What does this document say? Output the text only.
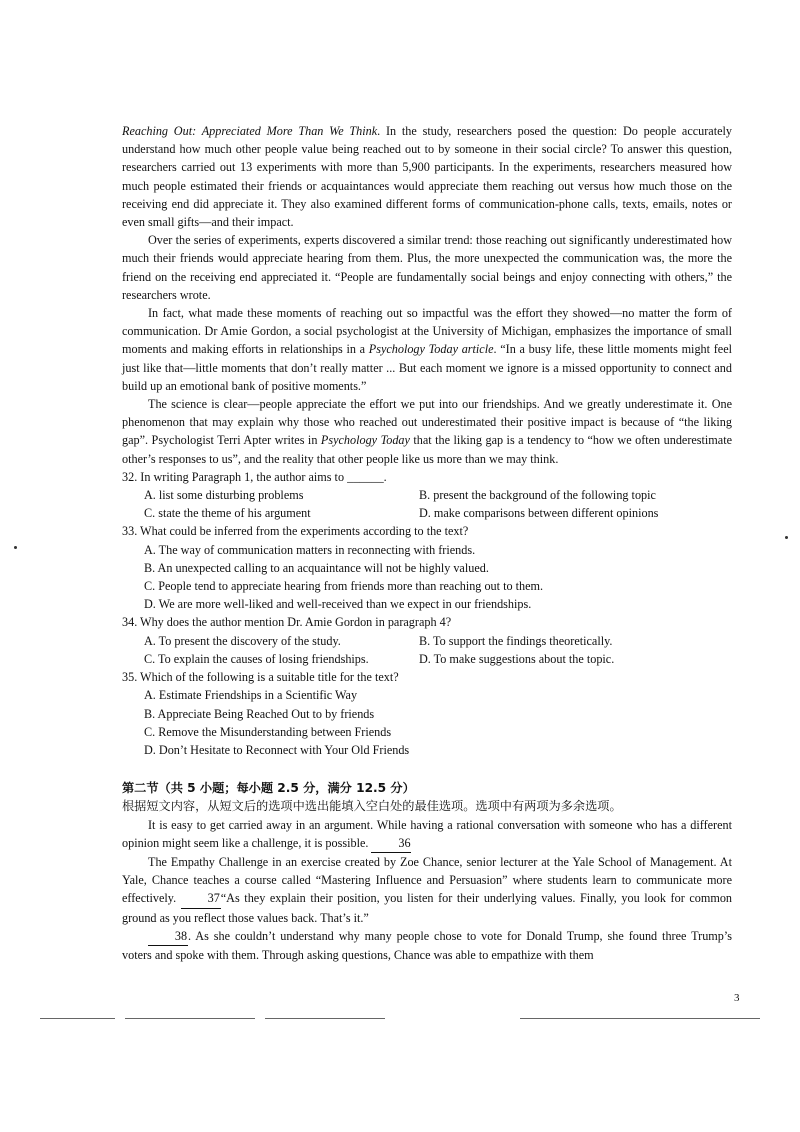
Reaching Out: Appreciated More Than We Think. In the study, researchers posed the question: Do people accurately understand how much other people value being reached out to by someone in their social circle? To answer this question, researchers carried out 13 experiments with more than 5,900 participants. In the experiments, researchers measured how much people estimated their friends or acquaintances would appreciate them reaching out versus how much those on the receiving end did appreciate it. They also examined different forms of communication-phone calls, texts, emails, notes or even small gifts—and their impact.

Over the series of experiments, experts discovered a similar trend: those reaching out significantly underestimated how much their friends would appreciate hearing from them. Plus, the more unexpected the communication was, the more the friend on the receiving end appreciated it. “People are fundamentally social beings and enjoy connecting with others,” the researchers wrote.

In fact, what made these moments of reaching out so impactful was the effort they showed—no matter the form of communication. Dr Amie Gordon, a social psychologist at the University of Michigan, emphasizes the importance of small moments and making efforts in relationships in a Psychology Today article. “In a busy life, these little moments might feel just like that—little moments that don’t really matter ... But each moment we ignore is a missed opportunity to connect and build up an emotional bank of positive moments.”

The science is clear—people appreciate the effort we put into our friendships. And we greatly underestimate it. One phenomenon that may explain why those who reached out underestimated their positive impact is because of “the liking gap”. Psychologist Terri Apter writes in Psychology Today that the liking gap is a tendency to “how we often underestimate other’s responses to us”, and the reality that other people like us more than we may think.

32. In writing Paragraph 1, the author aims to ______.

A. list some disturbing problems	B. present the background of the following topic
C. state the theme of his argument	D. make comparisons between different opinions

33. What could be inferred from the experiments according to the text?

A. The way of communication matters in reconnecting with friends.
B. An unexpected calling to an acquaintance will not be highly valued.
C. People tend to appreciate hearing from friends more than reaching out to them.
D. We are more well-liked and well-received than we expect in our friendships.

34. Why does the author mention Dr. Amie Gordon in paragraph 4?

A. To present the discovery of the study.	B. To support the findings theoretically.
C. To explain the causes of losing friendships.	D. To make suggestions about the topic.

35. Which of the following is a suitable title for the text?

A. Estimate Friendships in a Scientific Way
B. Appreciate Being Reached Out to by friends
C. Remove the Misunderstanding between Friends
D. Don’t Hesitate to Reconnect with Your Old Friends
第二节（共 5 小题；每小题 2.5 分，满分 12.5 分）
根据短文内容，从短文后的选项中选出能填入空白处的最佳选项。选项中有两项为多余选项。

It is easy to get carried away in an argument. While having a rational conversation with someone who has a different opinion might seem like a challenge, it is possible. 36

The Empathy Challenge in an exercise created by Zoe Chance, senior lecturer at the Yale School of Management. At Yale, Chance teaches a course called “Mastering Influence and Persuasion” where students learn to communicate more effectively.	37“As they explain their position, you listen for their underlying values. Finally, you look for common ground as you reflect those values back. That’s it.”

38. As she couldn’t understand why many people chose to vote for Donald Trump, she found three Trump’s voters and spoke with them. Through asking questions, Chance was able to empathize with them

3
